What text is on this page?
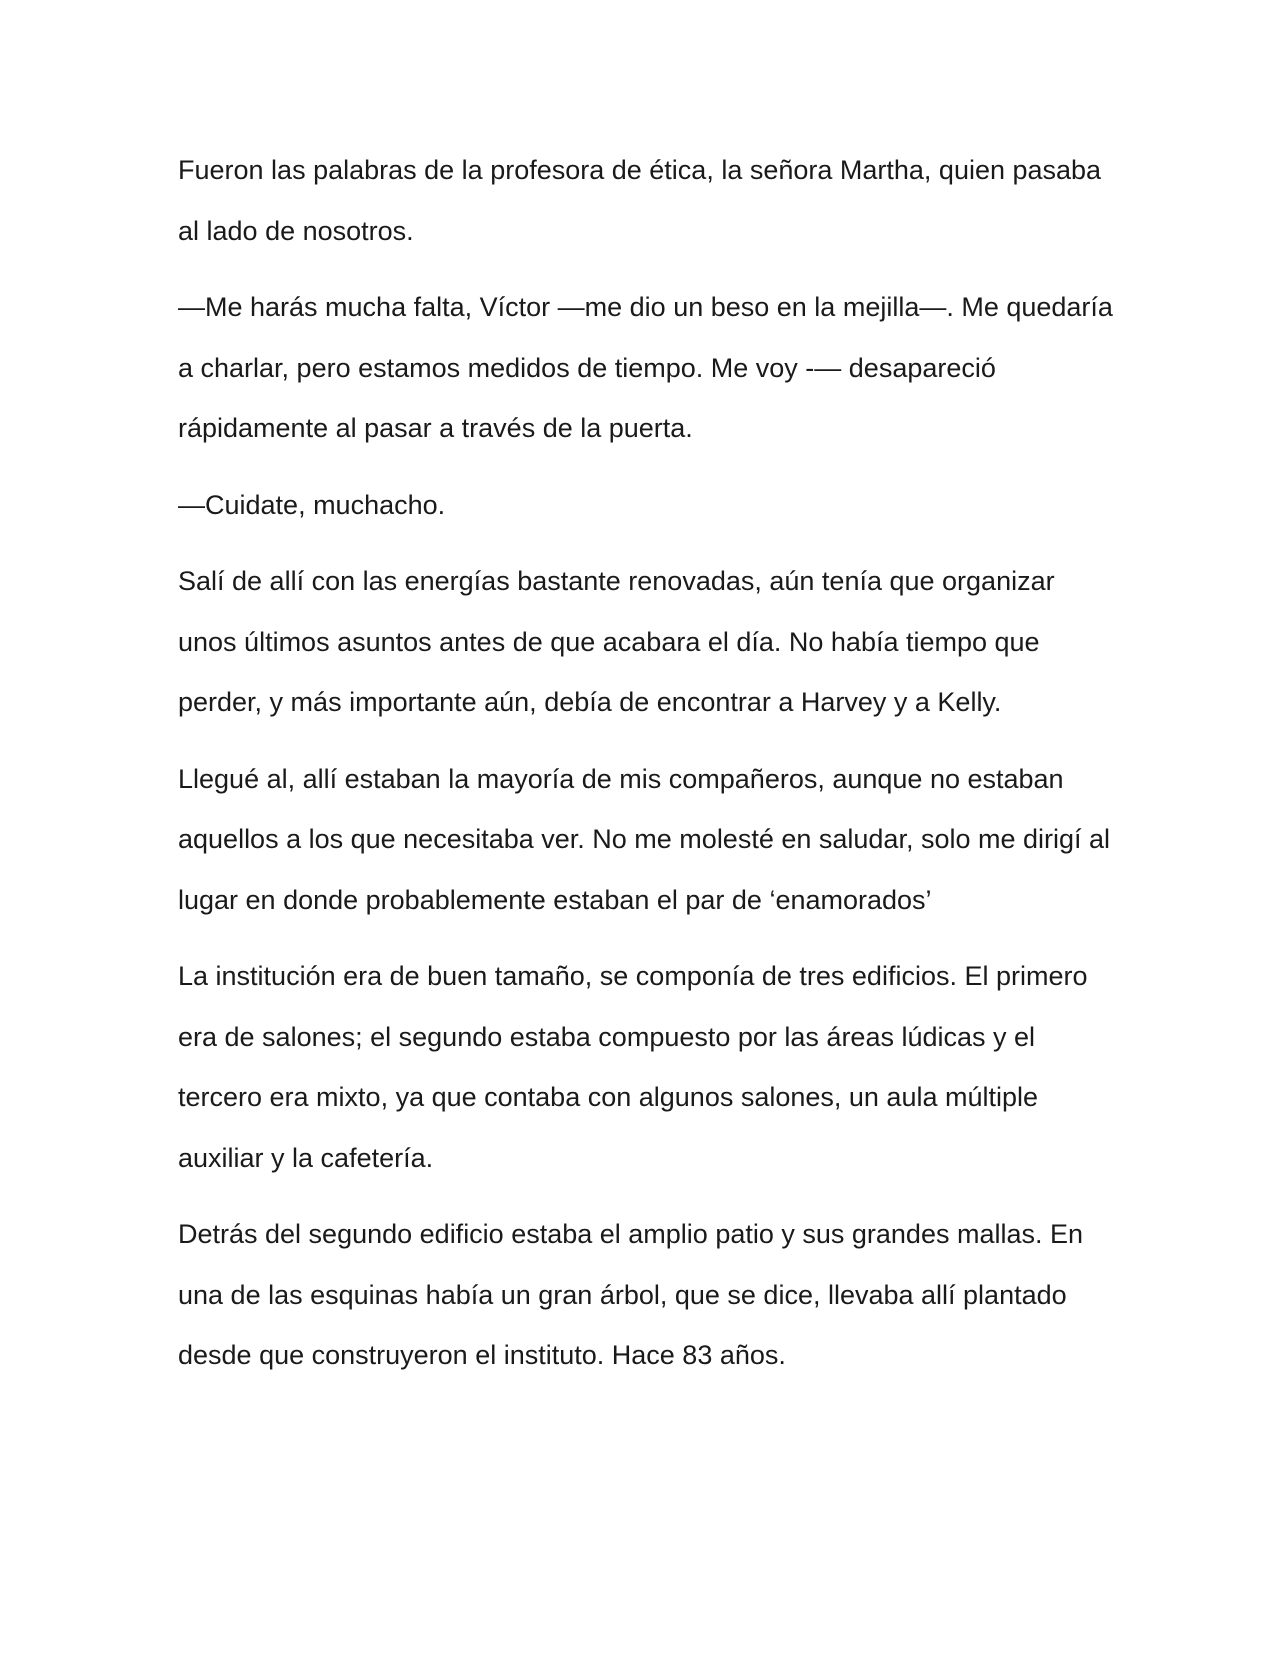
Fueron las palabras de la profesora de ética, la señora Martha, quien pasaba al lado de nosotros.

—Me harás mucha falta, Víctor —me dio un beso en la mejilla—. Me quedaría a charlar, pero estamos medidos de tiempo. Me voy -— desapareció rápidamente al pasar a través de la puerta.

—Cuidate, muchacho.

Salí de allí con las energías bastante renovadas, aún tenía que organizar unos últimos asuntos antes de que acabara el día. No había tiempo que perder, y más importante aún, debía de encontrar a Harvey y a Kelly.

Llegué al, allí estaban la mayoría de mis compañeros, aunque no estaban aquellos a los que necesitaba ver. No me molesté en saludar, solo me dirigí al lugar en donde probablemente estaban el par de ‘enamorados’

La institución era de buen tamaño, se componía de tres edificios. El primero era de salones; el segundo estaba compuesto por las áreas lúdicas y el tercero era mixto, ya que contaba con algunos salones, un aula múltiple auxiliar y la cafetería.

Detrás del segundo edificio estaba el amplio patio y sus grandes mallas. En una de las esquinas había un gran árbol, que se dice, llevaba allí plantado desde que construyeron el instituto. Hace 83 años.
